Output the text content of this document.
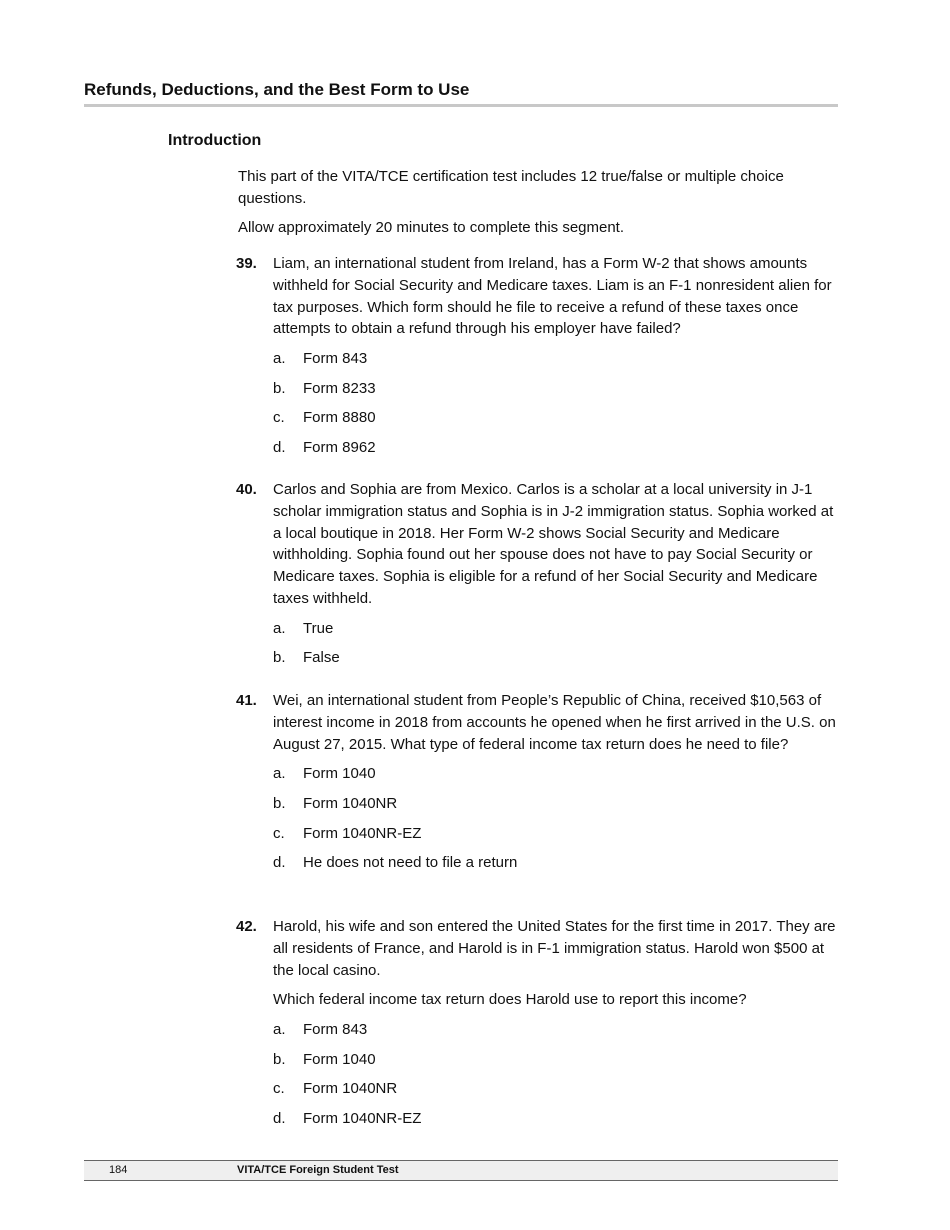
Refunds, Deductions, and the Best Form to Use
Introduction

This part of the VITA/TCE certification test includes 12 true/false or multiple choice questions.

Allow approximately 20 minutes to complete this segment.

39. Liam, an international student from Ireland, has a Form W-2 that shows amounts withheld for Social Security and Medicare taxes. Liam is an F-1 nonresident alien for tax purposes. Which form should he file to receive a refund of these taxes once attempts to obtain a refund through his employer have failed?

a. Form 843
b. Form 8233
c. Form 8880
d. Form 8962
40. Carlos and Sophia are from Mexico. Carlos is a scholar at a local university in J-1 scholar immigration status and Sophia is in J-2 immigration status. Sophia worked at a local boutique in 2018. Her Form W-2 shows Social Security and Medicare withholding. Sophia found out her spouse does not have to pay Social Security or Medicare taxes. Sophia is eligible for a refund of her Social Security and Medicare taxes withheld.

a. True
b. False
41. Wei, an international student from People’s Republic of China, received $10,563 of interest income in 2018 from accounts he opened when he first arrived in the U.S. on August 27, 2015. What type of federal income tax return does he need to file?

a. Form 1040
b. Form 1040NR
c. Form 1040NR-EZ
d. He does not need to file a return
42. Harold, his wife and son entered the United States for the first time in 2017. They are all residents of France, and Harold is in F-1 immigration status. Harold won $500 at the local casino.

Which federal income tax return does Harold use to report this income?

a. Form 843
b. Form 1040
c. Form 1040NR
d. Form 1040NR-EZ
184	VITA/TCE Foreign Student Test
